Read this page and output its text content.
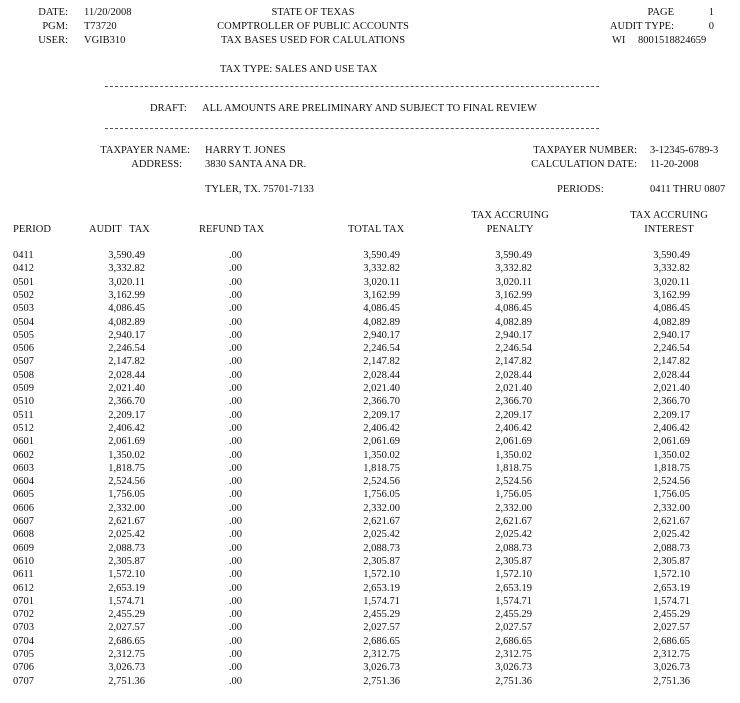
DATE: 11/20/2008
PGM: T73720
USER: VGIB310
STATE OF TEXAS
COMPTROLLER OF PUBLIC ACCOUNTS
TAX BASES USED FOR CALULATIONS
PAGE	1
AUDIT TYPE:	0
WI 8001518824659
TAX TYPE: SALES AND USE TAX
DRAFT: ALL AMOUNTS ARE PRELIMINARY AND SUBJECT TO FINAL REVIEW
TAXPAYER NAME: HARRY T. JONES
ADDRESS: 3830 SANTA ANA DR.
TYLER, TX. 75701-7133
TAXPAYER NUMBER: 3-12345-6789-3
CALCULATION DATE: 11-20-2008
PERIODS:	0411 THRU 0807
PERIOD	AUDIT   TAX	REFUND TAX	TOTAL TAX
TAX ACCRUING
PENALTY
TAX ACCRUING
INTEREST
0411	3,590.49	.00	3,590.49	3,590.49	3,590.49
0412	3,332.82	.00	3,332.82	3,332.82	3,332.82
0501	3,020.11	.00	3,020.11	3,020.11	3,020.11
0502	3,162.99	.00	3,162.99	3,162.99	3,162.99
0503	4,086.45	.00	4,086.45	4,086.45	4,086.45
0504	4,082.89	.00	4,082.89	4,082.89	4,082.89
0505	2,940.17	.00	2,940.17	2,940.17	2,940.17
0506	2,246.54	.00	2,246.54	2,246.54	2,246.54
0507	2,147.82	.00	2,147.82	2,147.82	2,147.82
0508	2,028.44	.00	2,028.44	2,028.44	2,028.44
0509	2,021.40	.00	2,021.40	2,021.40	2,021.40
0510	2,366.70	.00	2,366.70	2,366.70	2,366.70
0511	2,209.17	.00	2,209.17	2,209.17	2,209.17
0512	2,406.42	.00	2,406.42	2,406.42	2,406.42
0601	2,061.69	.00	2,061.69	2,061.69	2,061.69
0602	1,350.02	.00	1,350.02	1,350.02	1,350.02
0603	1,818.75	.00	1,818.75	1,818.75	1,818.75
0604	2,524.56	.00	2,524.56	2,524.56	2,524.56
0605	1,756.05	.00	1,756.05	1,756.05	1,756.05
0606	2,332.00	.00	2,332.00	2,332.00	2,332.00
0607	2,621.67	.00	2,621.67	2,621.67	2,621.67
0608	2,025.42	.00	2,025.42	2,025.42	2,025.42
0609	2,088.73	.00	2,088.73	2,088.73	2,088.73
0610	2,305.87	.00	2,305.87	2,305.87	2,305.87
0611	1,572.10	.00	1,572.10	1,572.10	1,572.10
0612	2,653.19	.00	2,653.19	2,653.19	2,653.19
0701	1,574.71	.00	1,574.71	1,574.71	1,574.71
0702	2,455.29	.00	2,455.29	2,455.29	2,455.29
0703	2,027.57	.00	2,027.57	2,027.57	2,027.57
0704	2,686.65	.00	2,686.65	2,686.65	2,686.65
0705	2,312.75	.00	2,312.75	2,312.75	2,312.75
0706	3,026.73	.00	3,026.73	3,026.73	3,026.73
0707	2,751.36	.00	2,751.36	2,751.36	2,751.36
